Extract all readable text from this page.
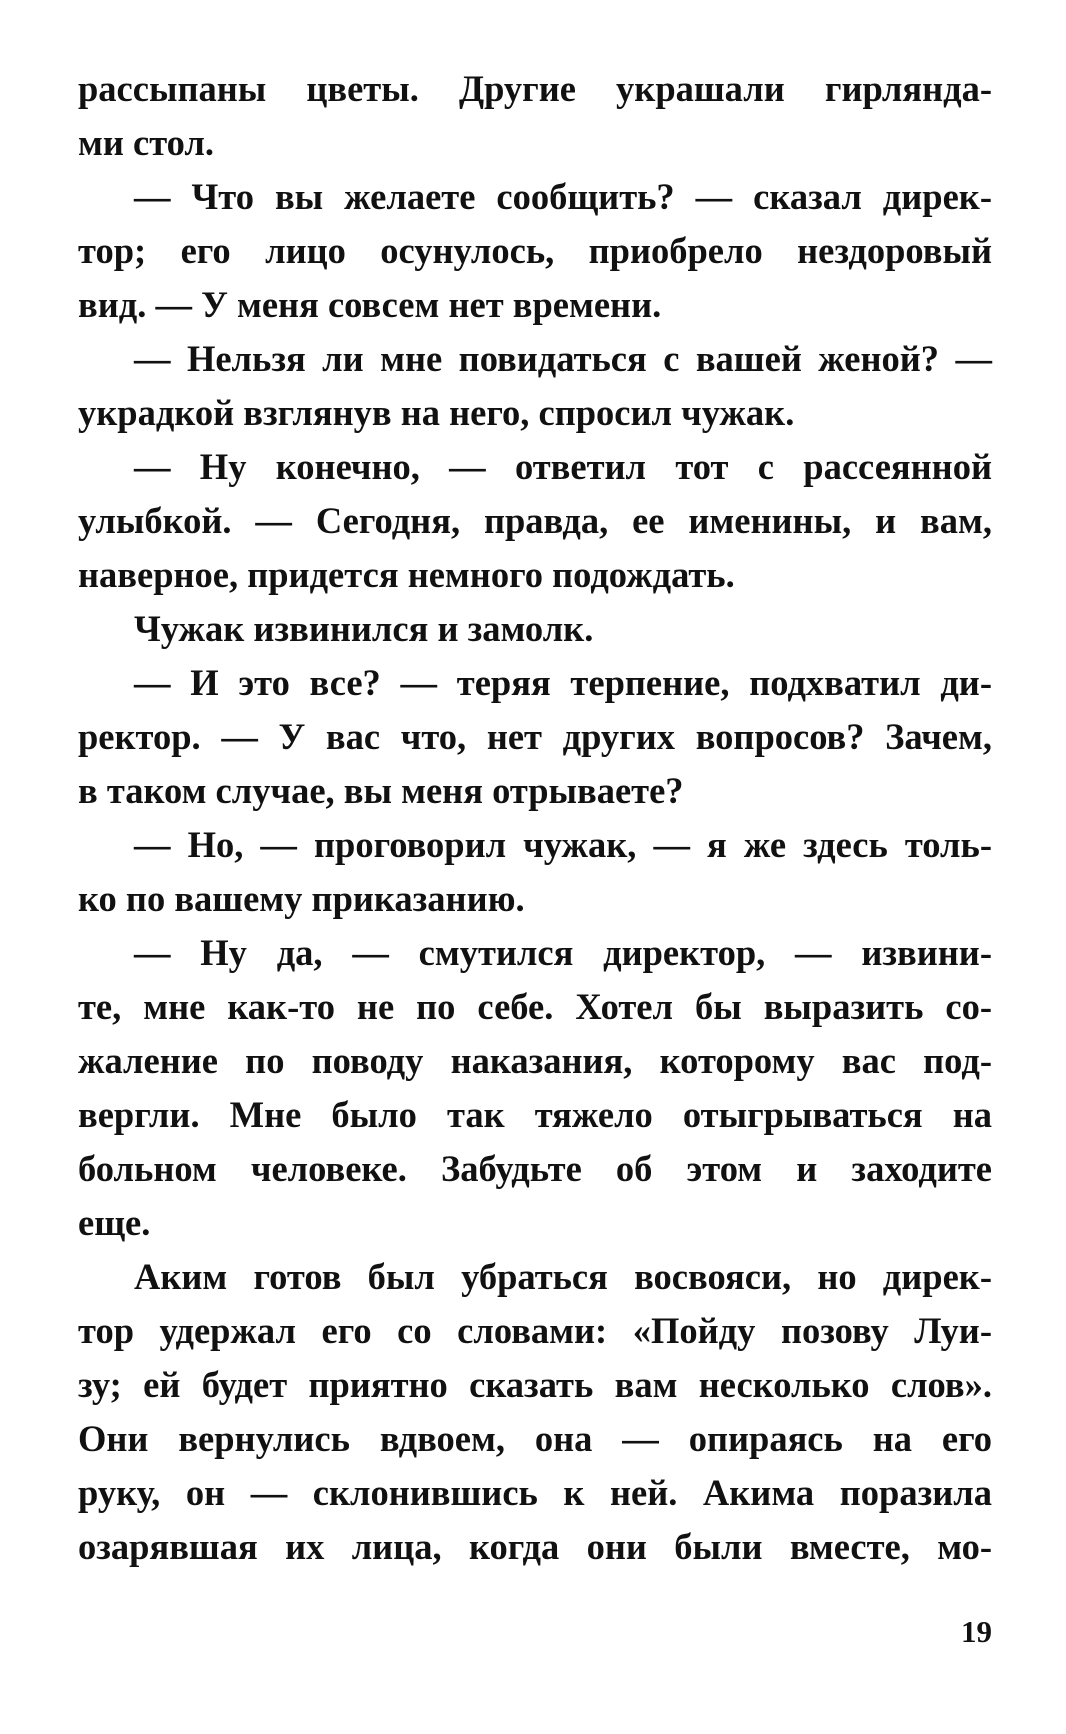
рассыпаны цветы. Другие украшали гирлянда-
ми стол.
— Что вы желаете сообщить? — сказал дирек-
тор; его лицо осунулось, приобрело нездоровый
вид. — У меня совсем нет времени.
— Нельзя ли мне повидаться с вашей женой? —
украдкой взглянув на него, спросил чужак.
— Ну конечно, — ответил тот с рассеянной
улыбкой. — Сегодня, правда, ее именины, и вам,
наверное, придется немного подождать.
Чужак извинился и замолк.
— И это все? — теряя терпение, подхватил ди-
ректор. — У вас что, нет других вопросов? Зачем,
в таком случае, вы меня отрываете?
— Но, — проговорил чужак, — я же здесь толь-
ко по вашему приказанию.
— Ну да, — смутился директор, — извини-
те, мне как-то не по себе. Хотел бы выразить со-
жаление по поводу наказания, которому вас под-
вергли. Мне было так тяжело отыгрываться на
больном человеке. Забудьте об этом и заходите
еще.
Аким готов был убраться восвояси, но дирек-
тор удержал его со словами: «Пойду позову Луи-
зу; ей будет приятно сказать вам несколько слов».
Они вернулись вдвоем, она — опираясь на его
руку, он — склонившись к ней. Акима поразила
озарявшая их лица, когда они были вместе, мо-
19
